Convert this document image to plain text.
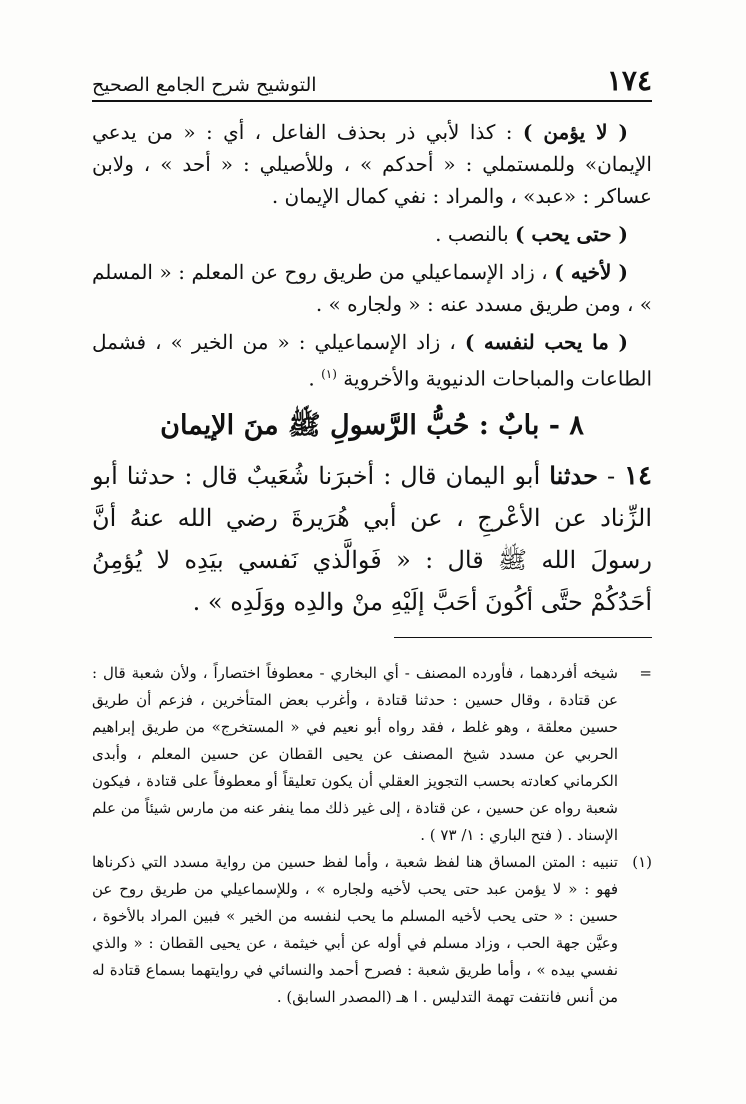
١٧٤
التوشيح شرح الجامع الصحيح

( لا يؤمن ) : كذا لأبي ذر بحذف الفاعل ، أي : « من يدعي الإيمان» وللمستملي : « أحدكم » ، وللأصيلي : « أحد » ، ولابن عساكر : «عبد» ، والمراد : نفي كمال الإيمان .

( حتى يحب ) بالنصب .

( لأخيه ) ، زاد الإسماعيلي من طريق روح عن المعلم : « المسلم » ، ومن طريق مسدد عنه : « ولجاره » .

( ما يحب لنفسه ) ، زاد الإسماعيلي : « من الخير » ، فشمل الطاعات والمباحات الدنيوية والأخروية $^{(١)}$ .

٨ - بابٌ : حُبُّ الرَّسولِ ﷺ منَ الإيمان

١٤ - حدثنا أبو اليمان قال : أخبرَنا شُعَيبٌ قال : حدثنا أبو الزِّناد عن الأعْرجِ ، عن أبي هُرَيرةَ رضي الله عنهُ أنَّ رسولَ الله ﷺ قال : « فَوالَّذي نَفسي بيَدِه لا يُؤمِنُ أحَدُكُمْ حتَّى أكُونَ أحَبَّ إلَيْهِ منْ والدِه ووَلَدِه » .

=
شيخه أفردهما ، فأورده المصنف - أي البخاري - معطوفاً اختصاراً ، ولأن شعبة قال : عن قتادة ، وقال حسين : حدثنا قتادة ، وأغرب بعض المتأخرين ، فزعم أن طريق حسين معلقة ، وهو غلط ، فقد رواه أبو نعيم في « المستخرج» من طريق إبراهيم الحربي عن مسدد شيخ المصنف عن يحيى القطان عن حسين المعلم ، وأبدى الكرماني كعادته بحسب التجويز العقلي أن يكون تعليقاً أو معطوفاً على قتادة ، فيكون شعبة رواه عن حسين ، عن قتادة ، إلى غير ذلك مما ينفر عنه من مارس شيئاً من علم الإسناد . ( فتح الباري : ١/ ٧٣ ) .

(١)
تنبيه : المتن المساق هنا لفظ شعبة ، وأما لفظ حسين من رواية مسدد التي ذكرناها فهو : « لا يؤمن عبد حتى يحب لأخيه ولجاره » ، وللإسماعيلي من طريق روح عن حسين : « حتى يحب لأخيه المسلم ما يحب لنفسه من الخير » فبين المراد بالأخوة ، وعيَّن جهة الحب ، وزاد مسلم في أوله عن أبي خيثمة ، عن يحيى القطان : « والذي نفسي بيده » ، وأما طريق شعبة : فصرح أحمد والنسائي في روايتهما بسماع قتادة له من أنس فانتفت تهمة التدليس . ا هـ (المصدر السابق) .
